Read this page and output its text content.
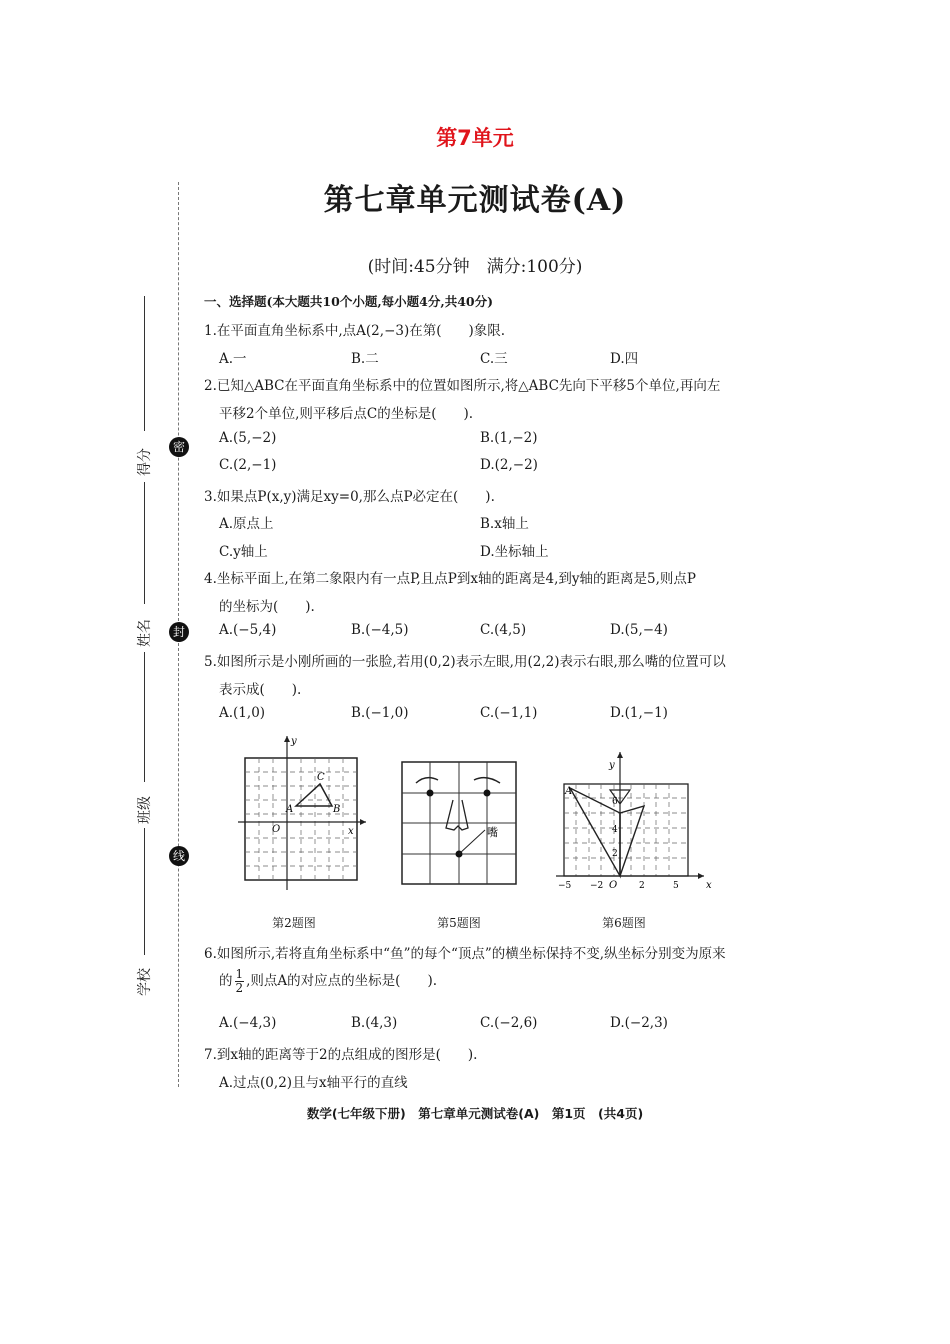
第7单元
第七章单元测试卷(A)
(时间:45分钟　满分:100分)
密
封
线
得分
姓名
班级
学校
一、选择题(本大题共10个小题,每小题4分,共40分)
1.在平面直角坐标系中,点A(2,−3)在第(　　)象限.
A.一	B.二	C.三	D.四
2.已知△ABC在平面直角坐标系中的位置如图所示,将△ABC先向下平移5个单位,再向左
平移2个单位,则平移后点C的坐标是(　　).
A.(5,−2)	B.(1,−2)
C.(2,−1)	D.(2,−2)
3.如果点P(x,y)满足xy=0,那么点P必定在(　　).
A.原点上	B.x轴上
C.y轴上	D.坐标轴上
4.坐标平面上,在第二象限内有一点P,且点P到x轴的距离是4,到y轴的距离是5,则点P
的坐标为(　　).
A.(−5,4)	B.(−4,5)	C.(4,5)	D.(5,−4)
5.如图所示是小刚所画的一张脸,若用(0,2)表示左眼,用(2,2)表示右眼,那么嘴的位置可以
表示成(　　).
A.(1,0)	B.(−1,0)	C.(−1,1)	D.(1,−1)
y
x
O
A	B
C
第2题图
嘴
第5题图
y
x
A
O
6
4
2
−5 −2	2	5
第6题图
6.如图所示,若将直角坐标系中“鱼”的每个“顶点”的横坐标保持不变,纵坐标分别变为原来
的 $\frac{1}{2}$ ,则点A的对应点的坐标是(　　).
A.(−4,3)	B.(4,3)	C.(−2,6)	D.(−2,3)
7.到x轴的距离等于2的点组成的图形是(　　).
A.过点(0,2)且与x轴平行的直线
数学(七年级下册)　第七章单元测试卷(A)　第1页　(共4页)
